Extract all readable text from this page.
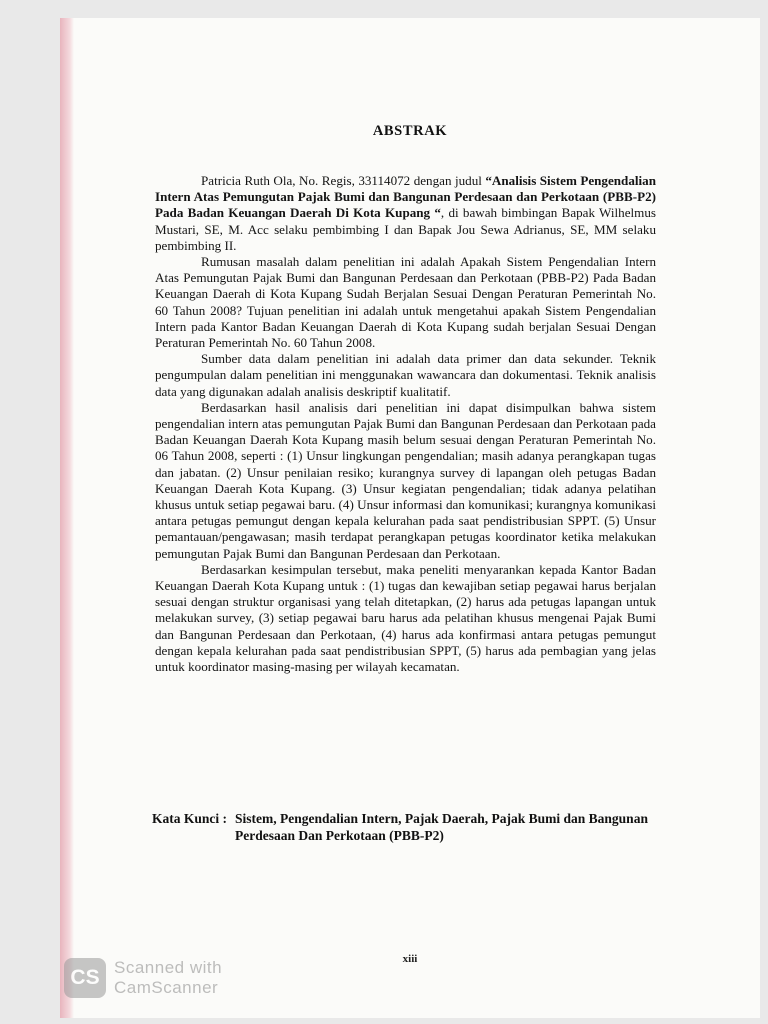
ABSTRAK

Patricia Ruth Ola, No. Regis, 33114072 dengan judul “Analisis Sistem Pengendalian Intern Atas Pemungutan Pajak Bumi dan Bangunan Perdesaan dan Perkotaan (PBB-P2) Pada Badan Keuangan Daerah Di Kota Kupang “, di bawah bimbingan Bapak Wilhelmus Mustari, SE, M. Acc selaku pembimbing I dan Bapak Jou Sewa Adrianus, SE, MM selaku pembimbing II.

Rumusan masalah dalam penelitian ini adalah Apakah Sistem Pengendalian Intern Atas Pemungutan Pajak Bumi dan Bangunan Perdesaan dan Perkotaan (PBB-P2) Pada Badan Keuangan Daerah di Kota Kupang Sudah Berjalan Sesuai Dengan Peraturan Pemerintah No. 60 Tahun 2008? Tujuan penelitian ini adalah untuk mengetahui apakah Sistem Pengendalian Intern pada Kantor Badan Keuangan Daerah di Kota Kupang sudah berjalan Sesuai Dengan Peraturan Pemerintah No. 60 Tahun 2008.

Sumber data dalam penelitian ini adalah data primer dan data sekunder. Teknik pengumpulan dalam penelitian ini menggunakan wawancara dan dokumentasi. Teknik analisis data yang digunakan adalah analisis deskriptif kualitatif.

Berdasarkan hasil analisis dari penelitian ini dapat disimpulkan bahwa sistem pengendalian intern atas pemungutan Pajak Bumi dan Bangunan Perdesaan dan Perkotaan pada Badan Keuangan Daerah Kota Kupang masih belum sesuai dengan Peraturan Pemerintah No. 06 Tahun 2008, seperti : (1) Unsur lingkungan pengendalian; masih adanya perangkapan tugas dan jabatan. (2) Unsur penilaian resiko; kurangnya survey di lapangan oleh petugas Badan Keuangan Daerah Kota Kupang. (3) Unsur kegiatan pengendalian; tidak adanya pelatihan khusus untuk setiap pegawai baru. (4) Unsur informasi dan komunikasi; kurangnya komunikasi antara petugas pemungut dengan kepala kelurahan pada saat pendistribusian SPPT. (5) Unsur pemantauan/pengawasan; masih terdapat perangkapan petugas koordinator ketika melakukan pemungutan Pajak Bumi dan Bangunan Perdesaan dan Perkotaan.

Berdasarkan kesimpulan tersebut, maka peneliti menyarankan kepada Kantor Badan Keuangan Daerah Kota Kupang untuk : (1) tugas dan kewajiban setiap pegawai harus berjalan sesuai dengan struktur organisasi yang telah ditetapkan, (2) harus ada petugas lapangan untuk melakukan survey, (3) setiap pegawai baru harus ada pelatihan khusus mengenai Pajak Bumi dan Bangunan Perdesaan dan Perkotaan, (4) harus ada konfirmasi antara petugas pemungut dengan kepala kelurahan pada saat pendistribusian SPPT, (5) harus ada pembagian yang jelas untuk koordinator masing-masing per wilayah kecamatan.

Kata Kunci : Sistem, Pengendalian Intern, Pajak Daerah, Pajak Bumi dan Bangunan Perdesaan Dan Perkotaan (PBB-P2)
xiii
CS Scanned with
CamScanner
